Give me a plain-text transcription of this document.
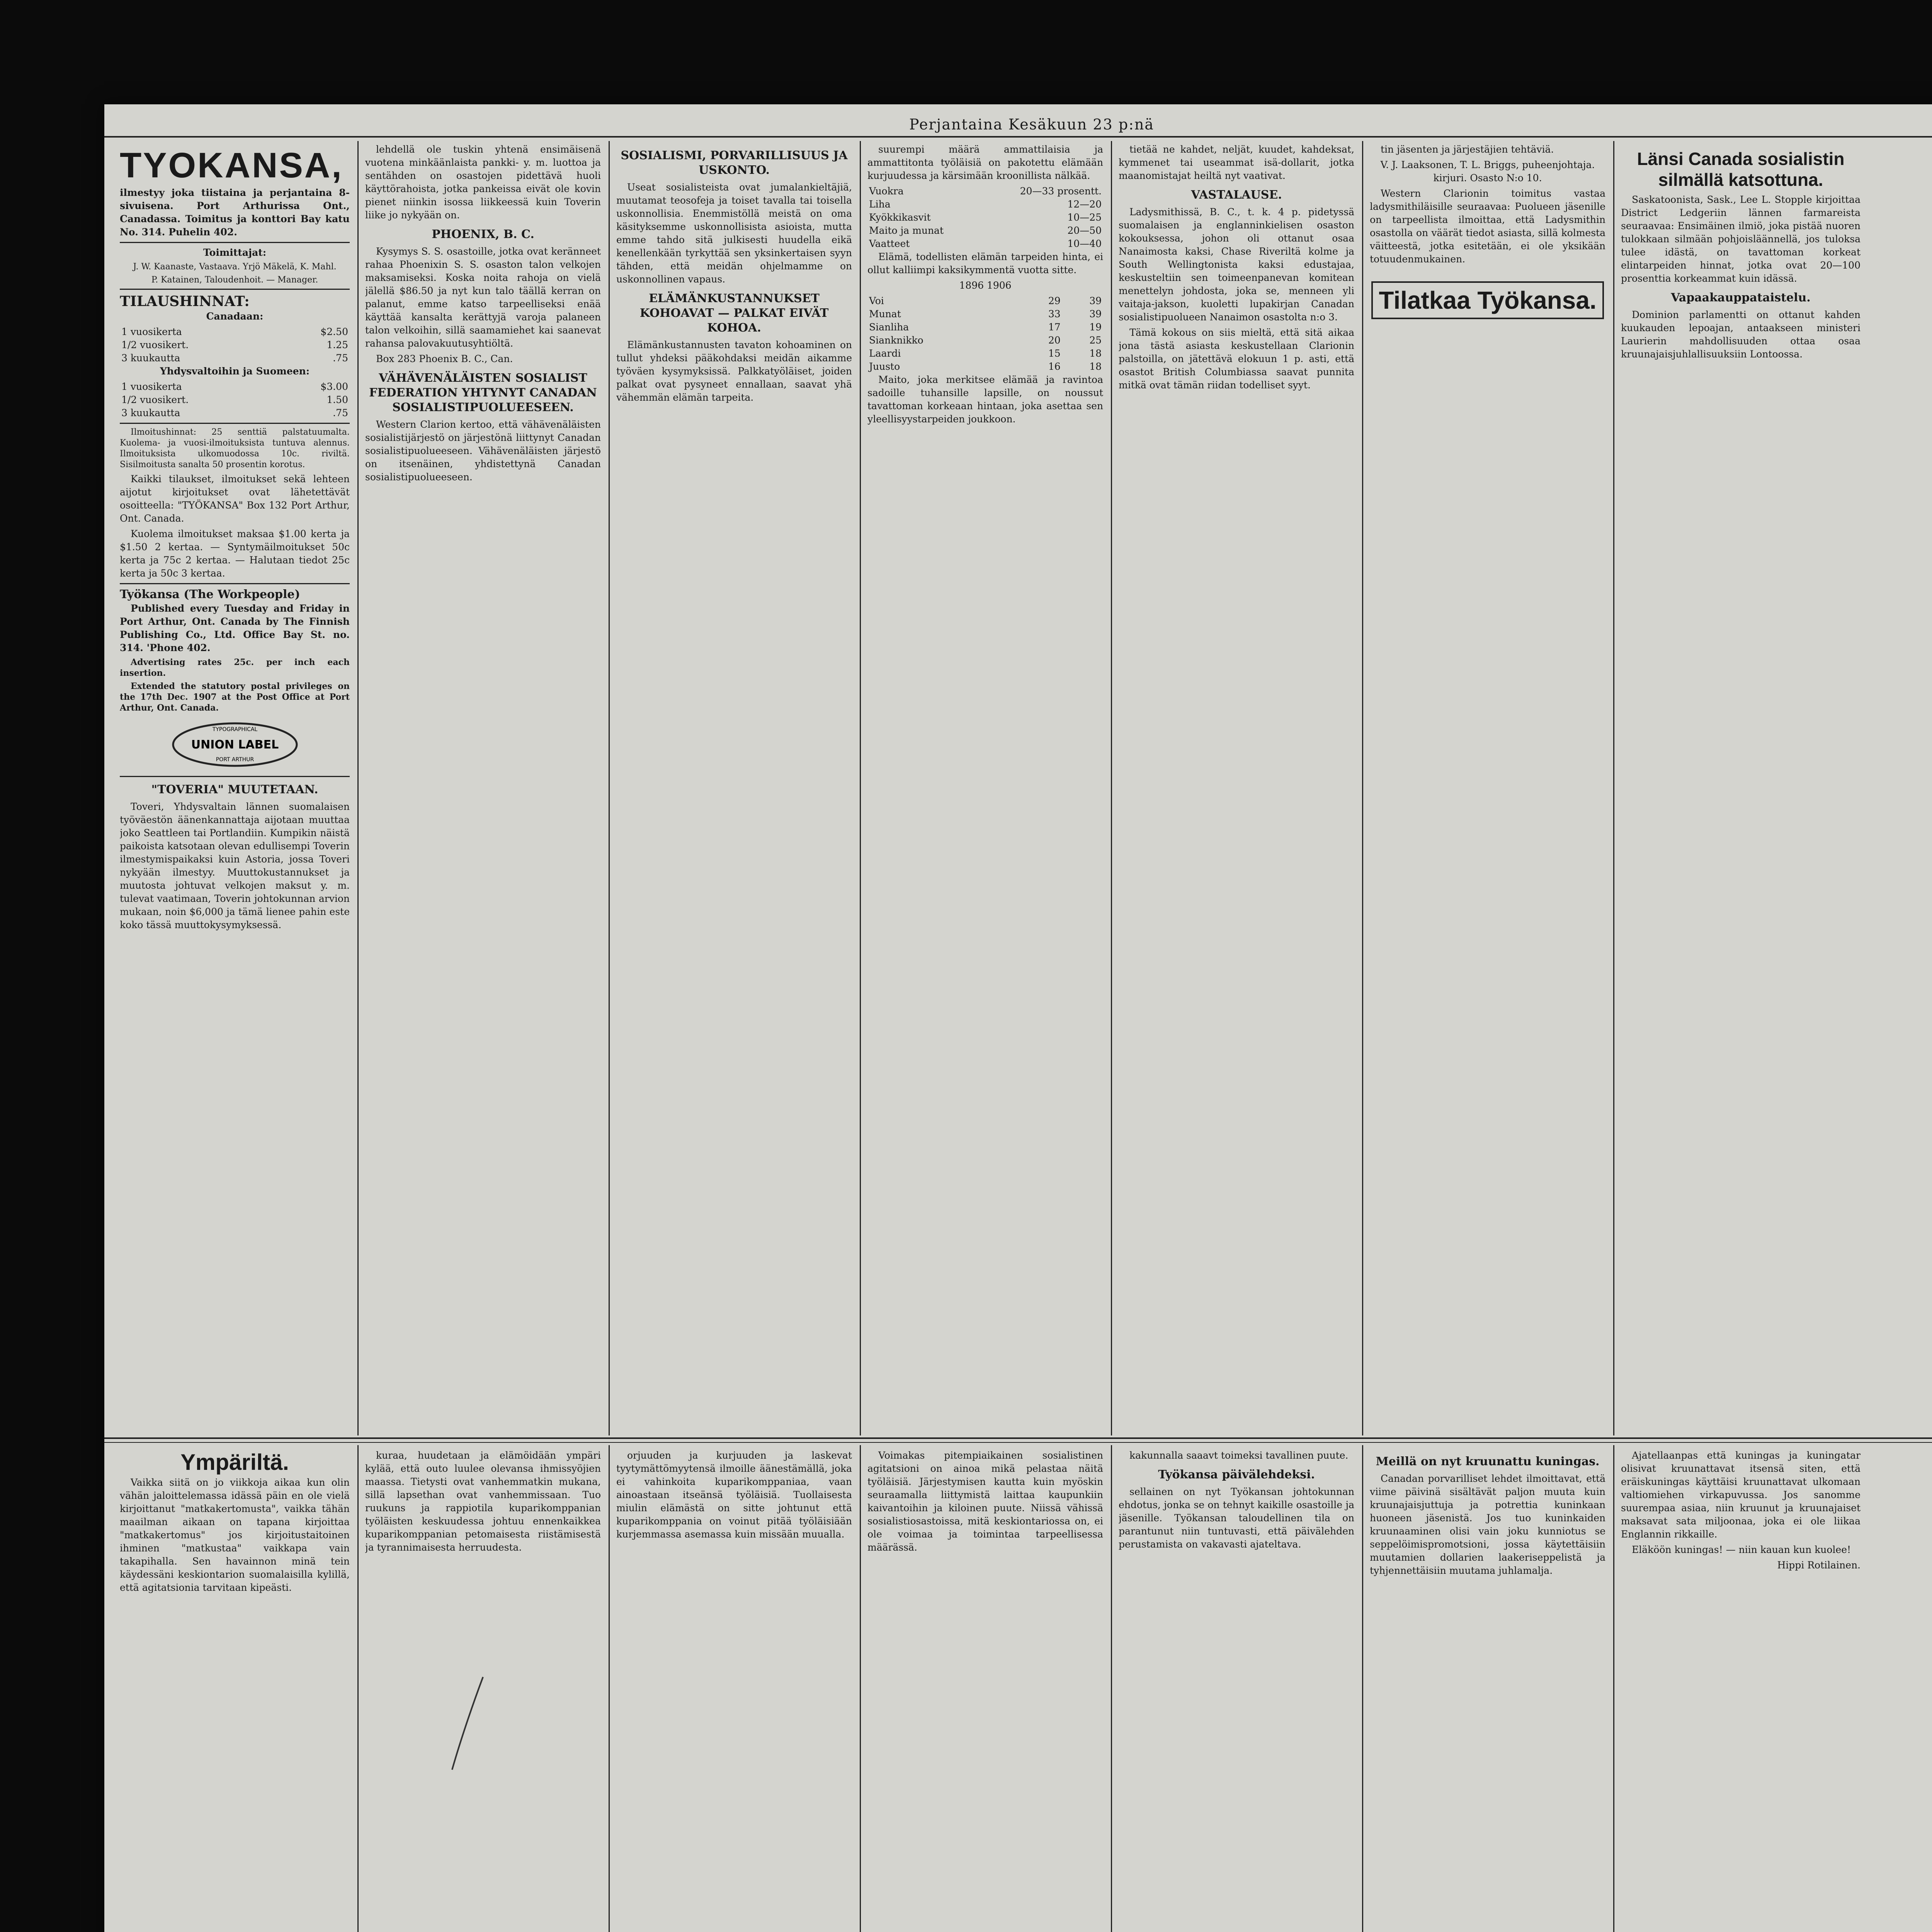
Perjantaina Kesäkuun 23 p:nä
TYOKANSA,

ilmestyy joka tiistaina ja perjantaina 8-sivuisena. Port Arthurissa Ont., Canadassa. Toimitus ja konttori Bay katu No. 314. Puhelin 402.

Toimittajat:

J. W. Kaanaste, Vastaava. Yrjö Mäkelä, K. Mahl.

P. Katainen, Taloudenhoit. — Manager.

TILAUSHINNAT:

Canadaan:

1 vuosikerta	$2.50
1/2 vuosikert.	1.25
3 kuukautta	.75

Yhdysvaltoihin ja Suomeen:

1 vuosikerta	$3.00
1/2 vuosikert.	1.50
3 kuukautta	.75

Ilmoitushinnat: 25 senttiä palstatuumalta. Kuolema- ja vuosi-ilmoituksista tuntuva alennus. Ilmoituksista ulkomuodossa 10c. riviltä. Sisilmoitusta sanalta 50 prosentin korotus.

Kaikki tilaukset, ilmoitukset sekä lehteen aijotut kirjoitukset ovat lähetettävät osoitteella: "TYÖKANSA" Box 132 Port Arthur, Ont. Canada.

Kuolema ilmoitukset maksaa $1.00 kerta ja $1.50 2 kertaa. — Syntymäilmoitukset 50c kerta ja 75c 2 kertaa. — Halutaan tiedot 25c kerta ja 50c 3 kertaa.

Työkansa (The Workpeople)

Published every Tuesday and Friday in Port Arthur, Ont. Canada by The Finnish Publishing Co., Ltd. Office Bay St. no. 314. 'Phone 402.

Advertising rates 25c. per inch each insertion.

Extended the statutory postal privileges on the 17th Dec. 1907 at the Post Office at Port Arthur, Ont. Canada.

TYPOGRAPHICAL
UNION LABEL
PORT ARTHUR
"TOVERIA" MUUTETAAN.

Toveri, Yhdysvaltain lännen suomalaisen työväestön äänenkannattaja aijotaan muuttaa joko Seattleen tai Portlandiin. Kumpikin näistä paikoista katsotaan olevan edullisempi Toverin ilmestymispaikaksi kuin Astoria, jossa Toveri nykyään ilmestyy. Muuttokustannukset ja muutosta johtuvat velkojen maksut y. m. tulevat vaatimaan, Toverin johtokunnan arvion mukaan, noin $6,000 ja tämä lienee pahin este koko tässä muuttokysymyksessä.

lehdellä ole tuskin yhtenä ensimäisenä vuotena minkäänlaista pankki- y. m. luottoa ja sentähden on osastojen pidettävä huoli käyttörahoista, jotka pankeissa eivät ole kovin pienet niinkin isossa liikkeessä kuin Toverin liike jo nykyään on.

PHOENIX, B. C.

Kysymys S. S. osastoille, jotka ovat keränneet rahaa Phoenixin S. S. osaston talon velkojen maksamiseksi. Koska noita rahoja on vielä jälellä $86.50 ja nyt kun talo täällä kerran on palanut, emme katso tarpeelliseksi enää käyttää kansalta kerättyjä varoja palaneen talon velkoihin, sillä saamamiehet kai saanevat rahansa palovakuutusyhtiöltä.

Box 283 Phoenix B. C., Can.

VÄHÄVENÄLÄISTEN SOSIALIST FEDERATION YHTYNYT CANADAN SOSIALISTIPUOLUEESEEN.

Western Clarion kertoo, että vähävenäläisten sosialistijärjestö on järjestönä liittynyt Canadan sosialistipuolueeseen. Vähävenäläisten järjestö on itsenäinen, yhdistettynä Canadan sosialistipuolueeseen.

SOSIALISMI, PORVARILLISUUS JA USKONTO.

Useat sosialisteista ovat jumalankieltäjiä, muutamat teosofeja ja toiset tavalla tai toisella uskonnollisia. Enemmistöllä meistä on oma käsityksemme uskonnollisista asioista, mutta emme tahdo sitä julkisesti huudella eikä kenellenkään tyrkyttää sen yksinkertaisen syyn tähden, että meidän ohjelmamme on uskonnollinen vapaus.

ELÄMÄNKUSTANNUKSET KOHOAVAT — PALKAT EIVÄT KOHOA.

Elämänkustannusten tavaton kohoaminen on tullut yhdeksi pääkohdaksi meidän aikamme työväen kysymyksissä. Palkkatyöläiset, joiden palkat ovat pysyneet ennallaan, saavat yhä vähemmän elämän tarpeita.

suurempi määrä ammattilaisia ja ammattitonta työläisiä on pakotettu elämään kurjuudessa ja kärsimään kroonillista nälkää.

Vuokra	20—33 prosentt.
Liha	12—20
Kyökkikasvit	10—25
Maito ja munat	20—50
Vaatteet	10—40

Elämä, todellisten elämän tarpeiden hinta, ei ollut kalliimpi kaksikymmentä vuotta sitte.

1896 1906

Voi	29	39
Munat	33	39
Sianliha	17	19
Sianknikko	20	25
Laardi	15	18
Juusto	16	18

Maito, joka merkitsee elämää ja ravintoa sadoille tuhansille lapsille, on noussut tavattoman korkeaan hintaan, joka asettaa sen yleellisyystarpeiden joukkoon.

tietää ne kahdet, neljät, kuudet, kahdeksat, kymmenet tai useammat isä-dollarit, jotka maanomistajat heiltä nyt vaativat.

VASTALAUSE.

Ladysmithissä, B. C., t. k. 4 p. pidetyssä suomalaisen ja englanninkielisen osaston kokouksessa, johon oli ottanut osaa Nanaimosta kaksi, Chase Riveriltä kolme ja South Wellingtonista kaksi edustajaa, keskusteltiin sen toimeenpanevan komitean menettelyn johdosta, joka se, menneen yli vaitaja-jakson, kuoletti lupakirjan Canadan sosialistipuolueen Nanaimon osastolta n:o 3.

Tämä kokous on siis mieltä, että sitä aikaa jona tästä asiasta keskustellaan Clarionin palstoilla, on jätettävä elokuun 1 p. asti, että osastot British Columbiassa saavat punnita mitkä ovat tämän riidan todelliset syyt.

tin jäsenten ja järjestäjien tehtäviä.

V. J. Laaksonen, T. L. Briggs, puheenjohtaja. kirjuri. Osasto N:o 10.

Western Clarionin toimitus vastaa ladysmithiläisille seuraavaa: Puolueen jäsenille on tarpeellista ilmoittaa, että Ladysmithin osastolla on väärät tiedot asiasta, sillä kolmesta väitteestä, jotka esitetään, ei ole yksikään totuudenmukainen.

Tilatkaa Työkansa.
Länsi Canada sosialistin silmällä katsottuna.

Saskatoonista, Sask., Lee L. Stopple kirjoittaa District Ledgeriin lännen farmareista seuraavaa: Ensimäinen ilmiö, joka pistää nuoren tulokkaan silmään pohjoisläännellä, jos tuloksa tulee idästä, on tavattoman korkeat elintarpeiden hinnat, jotka ovat 20—100 prosenttia korkeammat kuin idässä.

Vapaakauppataistelu.

Dominion parlamentti on ottanut kahden kuukauden lepoajan, antaakseen ministeri Laurierin mahdollisuuden ottaa osaa kruunajaisjuhlallisuuksiin Lontoossa.

Ympäriltä.

Vaikka siitä on jo viikkoja aikaa kun olin vähän jaloittelemassa idässä päin en ole vielä kirjoittanut "matkakertomusta", vaikka tähän maailman aikaan on tapana kirjoittaa "matkakertomus" jos kirjoitustaitoinen ihminen "matkustaa" vaikkapa vain takapihalla. Sen havainnon minä tein käydessäni keskiontarion suomalaisilla kylillä, että agitatsionia tarvitaan kipeästi.

kuraa, huudetaan ja elämöidään ympäri kylää, että outo luulee olevansa ihmissyöjien maassa. Tietysti ovat vanhemmatkin mukana, sillä lapsethan ovat vanhemmissaan. Tuo ruukuns ja rappiotila kuparikomppanian työläisten keskuudessa johtuu ennenkaikkea kuparikomppanian petomaisesta riistämisestä ja tyrannimaisesta herruudesta.

orjuuden ja kurjuuden ja laskevat tyytymättömyytensä ilmoille äänestämällä, joka ei vahinkoita kuparikomppaniaa, vaan ainoastaan itseänsä työläisiä. Tuollaisesta miulin elämästä on sitte johtunut että kuparikomppania on voinut pitää työläisiään kurjemmassa asemassa kuin missään muualla.

Voimakas pitempiaikainen sosialistinen agitatsioni on ainoa mikä pelastaa näitä työläisiä. Järjestymisen kautta kuin myöskin seuraamalla liittymistä laittaa kaupunkiin kaivantoihin ja kiloinen puute. Niissä vähissä sosialistiosastoissa, mitä keskiontariossa on, ei ole voimaa ja toimintaa tarpeellisessa määrässä.

kakunnalla saaavt toimeksi tavallinen puute.

Työkansa päivälehdeksi.

sellainen on nyt Työkansan johtokunnan ehdotus, jonka se on tehnyt kaikille osastoille ja jäsenille. Työkansan taloudellinen tila on parantunut niin tuntuvasti, että päivälehden perustamista on vakavasti ajateltava.

Meillä on nyt kruunattu kuningas.

Canadan porvarilliset lehdet ilmoittavat, että viime päivinä sisältävät paljon muuta kuin kruunajaisjuttuja ja potrettia kuninkaan huoneen jäsenistä. Jos tuo kuninkaiden kruunaaminen olisi vain joku kunniotus se seppelöimispromotsioni, jossa käytettäisiin muutamien dollarien laakeriseppelistä ja tyhjennettäisiin muutama juhlamalja.

Ajatellaanpas että kuningas ja kuningatar olisivat kruunattavat itsensä siten, että eräiskuningas käyttäisi kruunattavat ulkomaan valtiomiehen virkapuvussa. Jos sanomme suurempaa asiaa, niin kruunut ja kruunajaiset maksavat sata miljoonaa, joka ei ole liikaa Englannin rikkaille.

Eläköön kuningas! — niin kauan kun kuolee!

Hippi Rotilainen.
